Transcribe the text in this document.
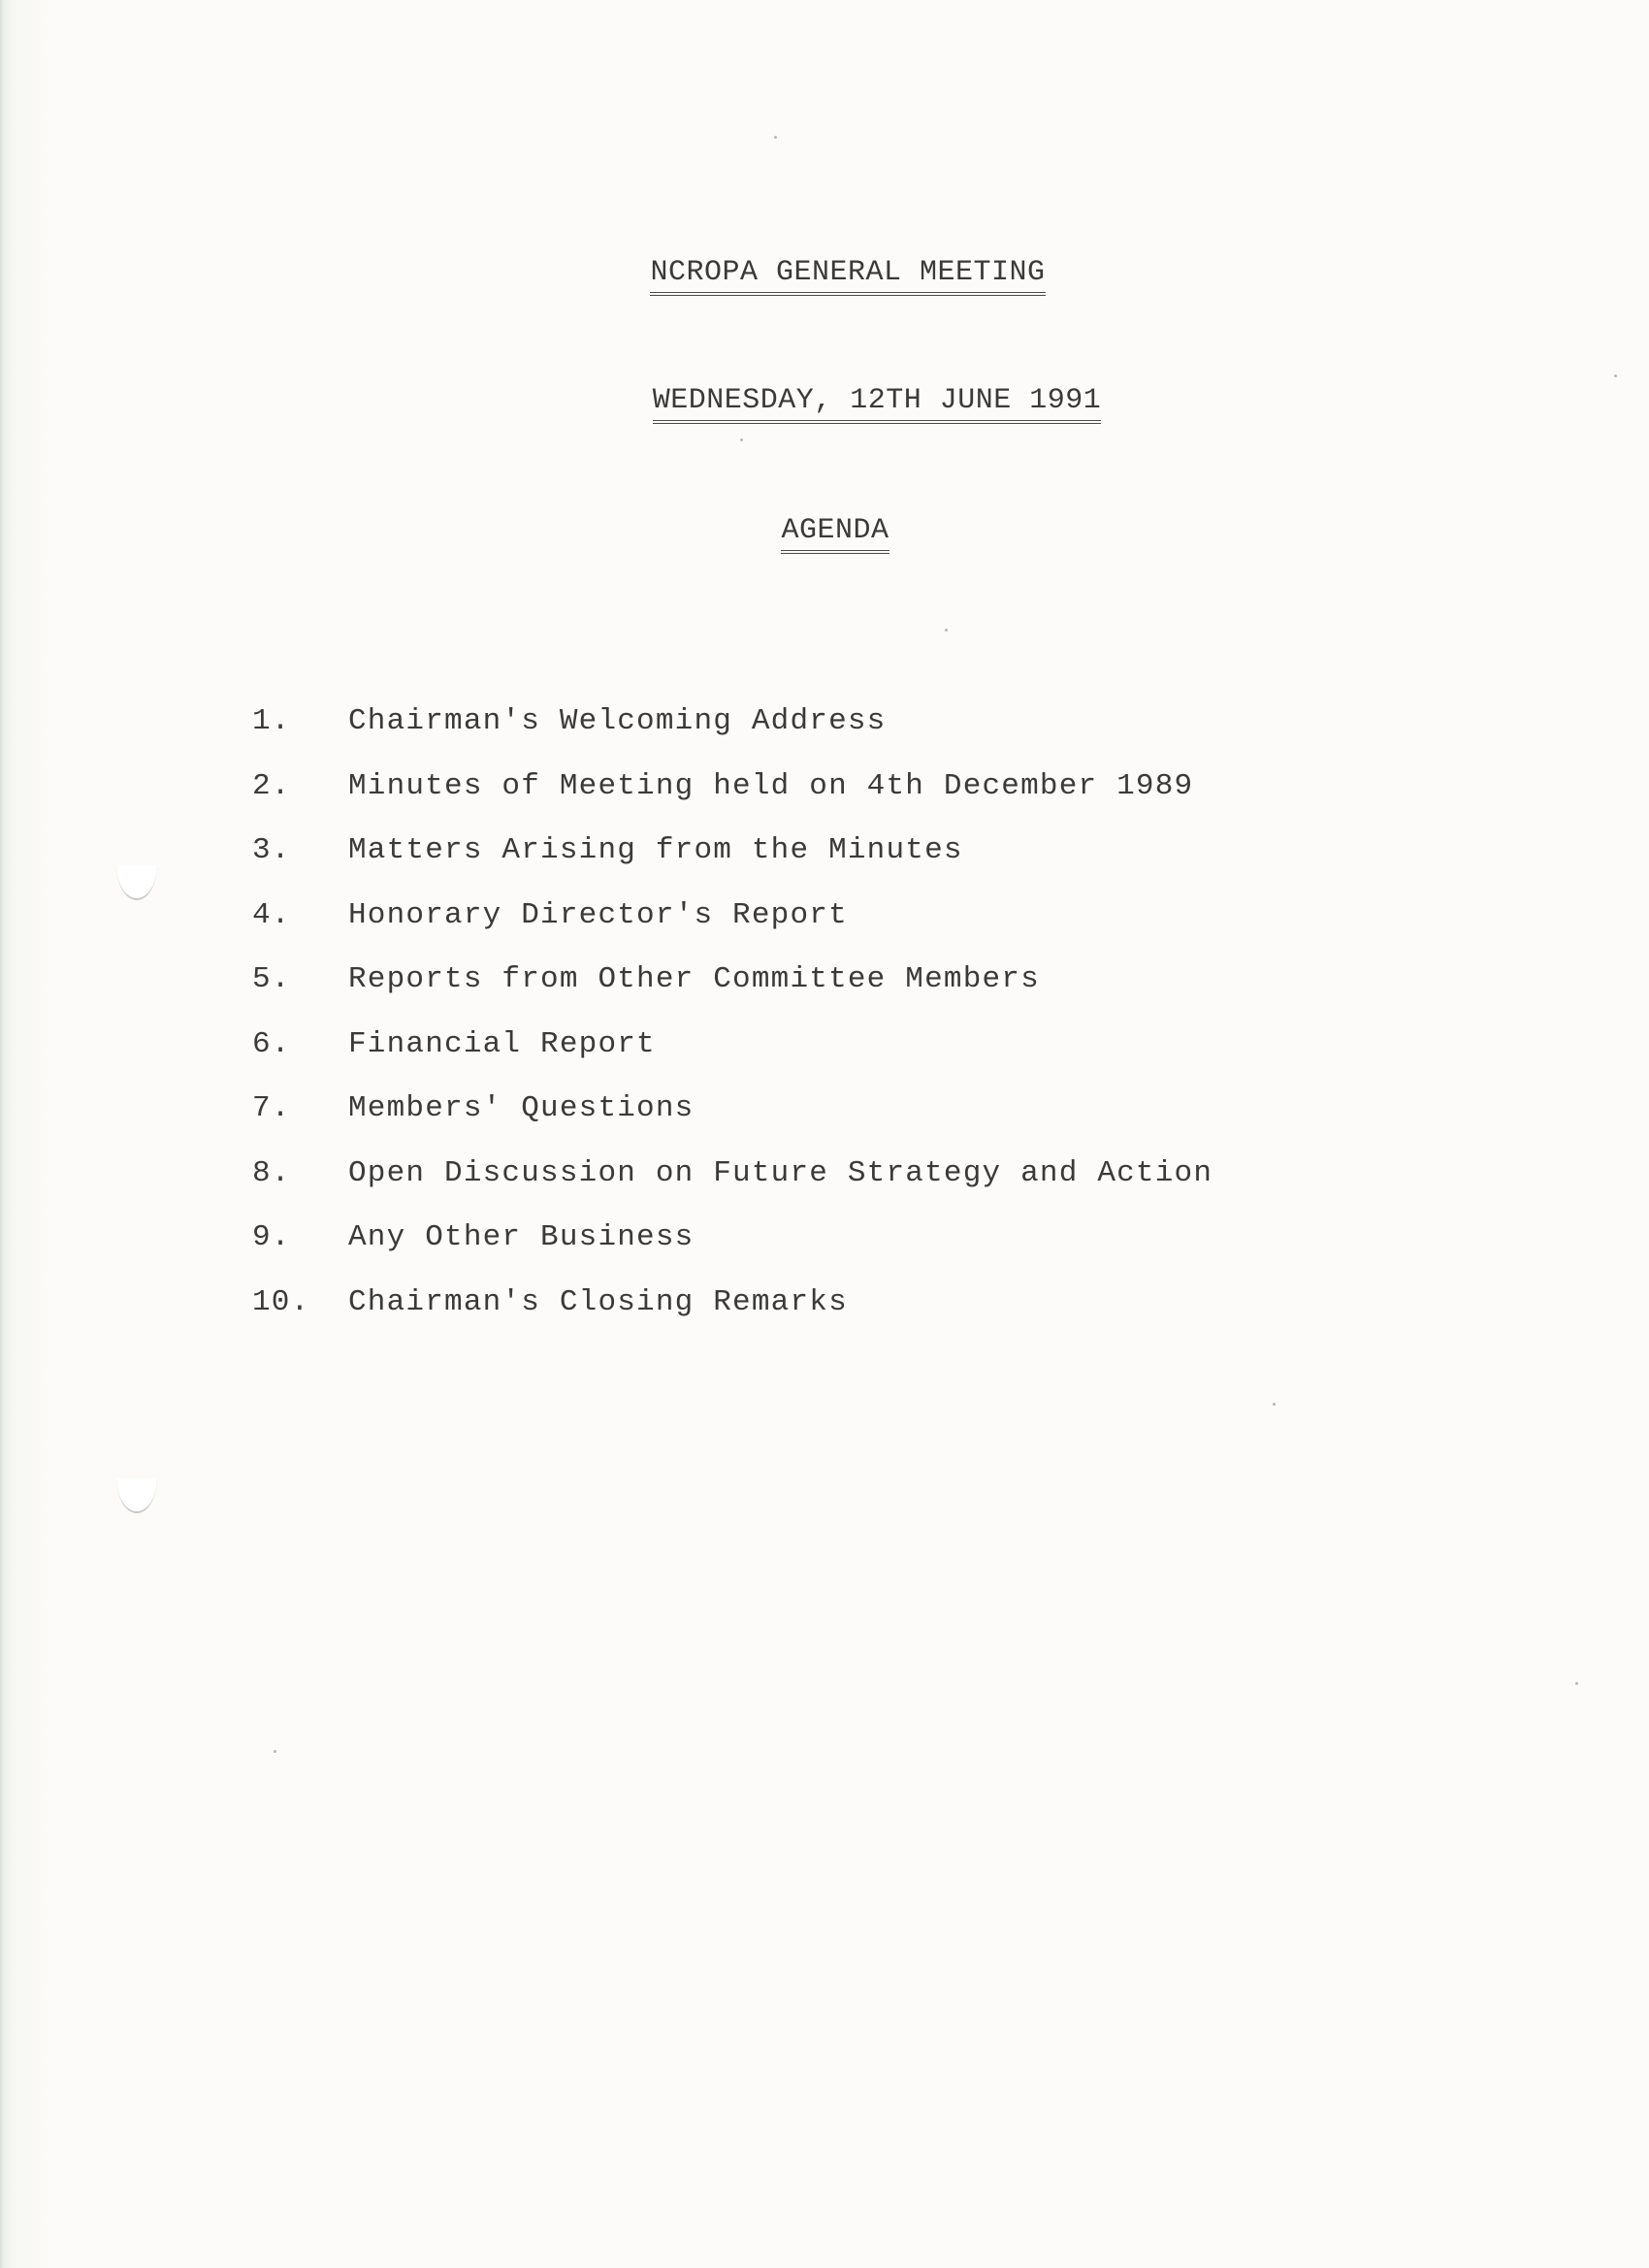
NCROPA GENERAL MEETING
WEDNESDAY, 12TH JUNE 1991
AGENDA
1.	Chairman's Welcoming Address
2.	Minutes of Meeting held on 4th December 1989
3.	Matters Arising from the Minutes
4.	Honorary Director's Report
5.	Reports from Other Committee Members
6.	Financial Report
7.	Members' Questions
8.	Open Discussion on Future Strategy and Action
9.	Any Other Business
10.	Chairman's Closing Remarks
